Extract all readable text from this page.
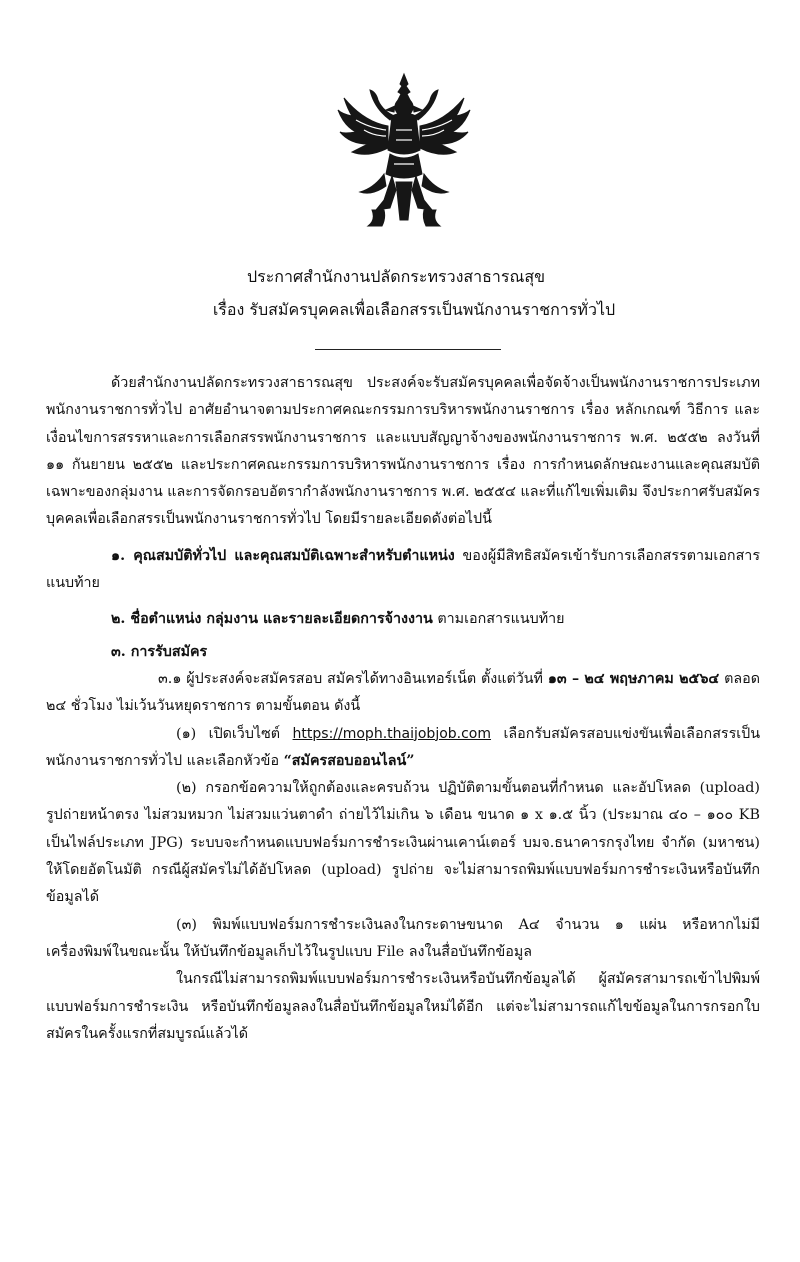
ประกาศสำนักงานปลัดกระทรวงสาธารณสุข
เรื่อง รับสมัครบุคคลเพื่อเลือกสรรเป็นพนักงานราชการทั่วไป

ด้วยสำนักงานปลัดกระทรวงสาธารณสุข ประสงค์จะรับสมัครบุคคลเพื่อจัดจ้างเป็นพนักงานราชการประเภทพนักงานราชการทั่วไป อาศัยอำนาจตามประกาศคณะกรรมการบริหารพนักงานราชการ เรื่อง หลักเกณฑ์ วิธีการ และเงื่อนไขการสรรหาและการเลือกสรรพนักงานราชการ และแบบสัญญาจ้างของพนักงานราชการ พ.ศ. ๒๕๕๒ ลงวันที่ ๑๑ กันยายน ๒๕๕๒ และประกาศคณะกรรมการบริหารพนักงานราชการ เรื่อง การกำหนดลักษณะงานและคุณสมบัติเฉพาะของกลุ่มงาน และการจัดกรอบอัตรากำลังพนักงานราชการ พ.ศ. ๒๕๕๔ และที่แก้ไขเพิ่มเติม จึงประกาศรับสมัครบุคคลเพื่อเลือกสรรเป็นพนักงานราชการทั่วไป โดยมีรายละเอียดดังต่อไปนี้

๑. คุณสมบัติทั่วไป และคุณสมบัติเฉพาะสำหรับตำแหน่ง ของผู้มีสิทธิสมัครเข้ารับการเลือกสรรตามเอกสารแนบท้าย

๒. ชื่อตำแหน่ง กลุ่มงาน และรายละเอียดการจ้างงาน ตามเอกสารแนบท้าย

๓. การรับสมัคร

๓.๑ ผู้ประสงค์จะสมัครสอบ สมัครได้ทางอินเทอร์เน็ต ตั้งแต่วันที่ ๑๓ – ๒๔ พฤษภาคม ๒๕๖๔ ตลอด ๒๔ ชั่วโมง ไม่เว้นวันหยุดราชการ ตามขั้นตอน ดังนี้

(๑) เปิดเว็บไซต์ https://moph.thaijobjob.com เลือกรับสมัครสอบแข่งขันเพื่อเลือกสรรเป็นพนักงานราชการทั่วไป และเลือกหัวข้อ “สมัครสอบออนไลน์”

(๒) กรอกข้อความให้ถูกต้องและครบถ้วน ปฏิบัติตามขั้นตอนที่กำหนด และอัปโหลด (upload) รูปถ่ายหน้าตรง ไม่สวมหมวก ไม่สวมแว่นตาดำ ถ่ายไว้ไม่เกิน ๖ เดือน ขนาด ๑ x ๑.๕ นิ้ว (ประมาณ ๔๐ – ๑๐๐ KB เป็นไฟล์ประเภท JPG) ระบบจะกำหนดแบบฟอร์มการชำระเงินผ่านเคาน์เตอร์ บมจ.ธนาคารกรุงไทย จำกัด (มหาชน) ให้โดยอัตโนมัติ กรณีผู้สมัครไม่ได้อัปโหลด (upload) รูปถ่าย จะไม่สามารถพิมพ์แบบฟอร์มการชำระเงินหรือบันทึกข้อมูลได้

(๓) พิมพ์แบบฟอร์มการชำระเงินลงในกระดาษขนาด A๔ จำนวน ๑ แผ่น หรือหากไม่มีเครื่องพิมพ์ในขณะนั้น ให้บันทึกข้อมูลเก็บไว้ในรูปแบบ File ลงในสื่อบันทึกข้อมูล

ในกรณีไม่สามารถพิมพ์แบบฟอร์มการชำระเงินหรือบันทึกข้อมูลได้ ผู้สมัครสามารถเข้าไปพิมพ์แบบฟอร์มการชำระเงิน หรือบันทึกข้อมูลลงในสื่อบันทึกข้อมูลใหม่ได้อีก แต่จะไม่สามารถแก้ไขข้อมูลในการกรอกใบสมัครในครั้งแรกที่สมบูรณ์แล้วได้
